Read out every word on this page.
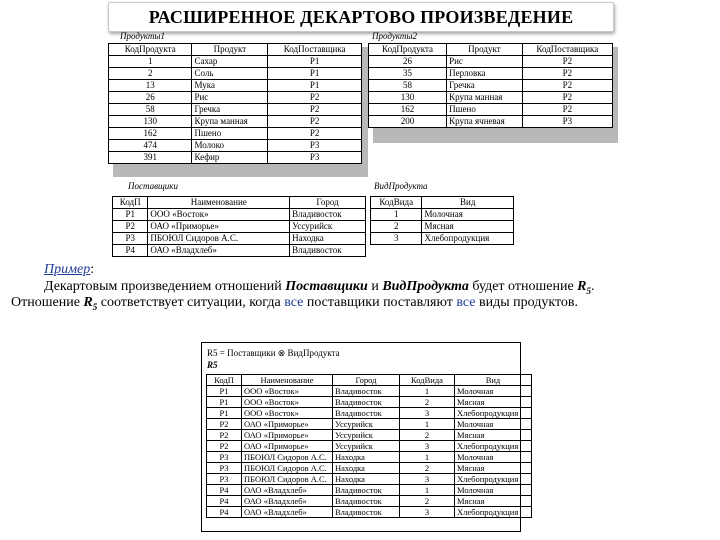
РАСШИРЕННОЕ ДЕКАРТОВО ПРОИЗВЕДЕНИЕ
Продукты1
КодПродукта	Продукт	КодПоставщика
1	Сахар	P1
2	Соль	P1
13	Мука	P1
26	Рис	P2
58	Гречка	P2
130	Крупа манная	P2
162	Пшено	P2
474	Молоко	P3
391	Кефир	P3
Продукты2
КодПродукта	Продукт	КодПоставщика
26	Рис	P2
35	Перловка	P2
58	Гречка	P2
130	Крупа манная	P2
162	Пшено	P2
200	Крупа ячневая	P3
Поставщики
КодП	Наименование	Город
P1	ООО «Восток»	Владивосток
P2	ОАО «Приморье»	Уссурийск
P3	ПБОЮЛ Сидоров А.С.	Находка
P4	ОАО «Владхлеб»	Владивосток
ВидПродукта
КодВида	Вид
1	Молочная
2	Мясная
3	Хлебопродукция
Пример:
Декартовым произведением отношений Поставщики и ВидПродукта будет отношение $R_5$.
Отношение $R_5$ соответствует ситуации, когда все поставщики поставляют все виды продуктов.
R5 = Поставщики ⊗ ВидПродукта
R5
КодП	Наименование	Город	КодВида	Вид
P1	ООО «Восток»	Владивосток	1	Молочная
P1	ООО «Восток»	Владивосток	2	Мясная
P1	ООО «Восток»	Владивосток	3	Хлебопродукция
P2	ОАО «Приморье»	Уссурийск	1	Молочная
P2	ОАО «Приморье»	Уссурийск	2	Мясная
P2	ОАО «Приморье»	Уссурийск	3	Хлебопродукция
P3	ПБОЮЛ Сидоров А.С.	Находка	1	Молочная
P3	ПБОЮЛ Сидоров А.С.	Находка	2	Мясная
P3	ПБОЮЛ Сидоров А.С.	Находка	3	Хлебопродукция
P4	ОАО «Владхлеб»	Владивосток	1	Молочная
P4	ОАО «Владхлеб»	Владивосток	2	Мясная
P4	ОАО «Владхлеб»	Владивосток	3	Хлебопродукция
